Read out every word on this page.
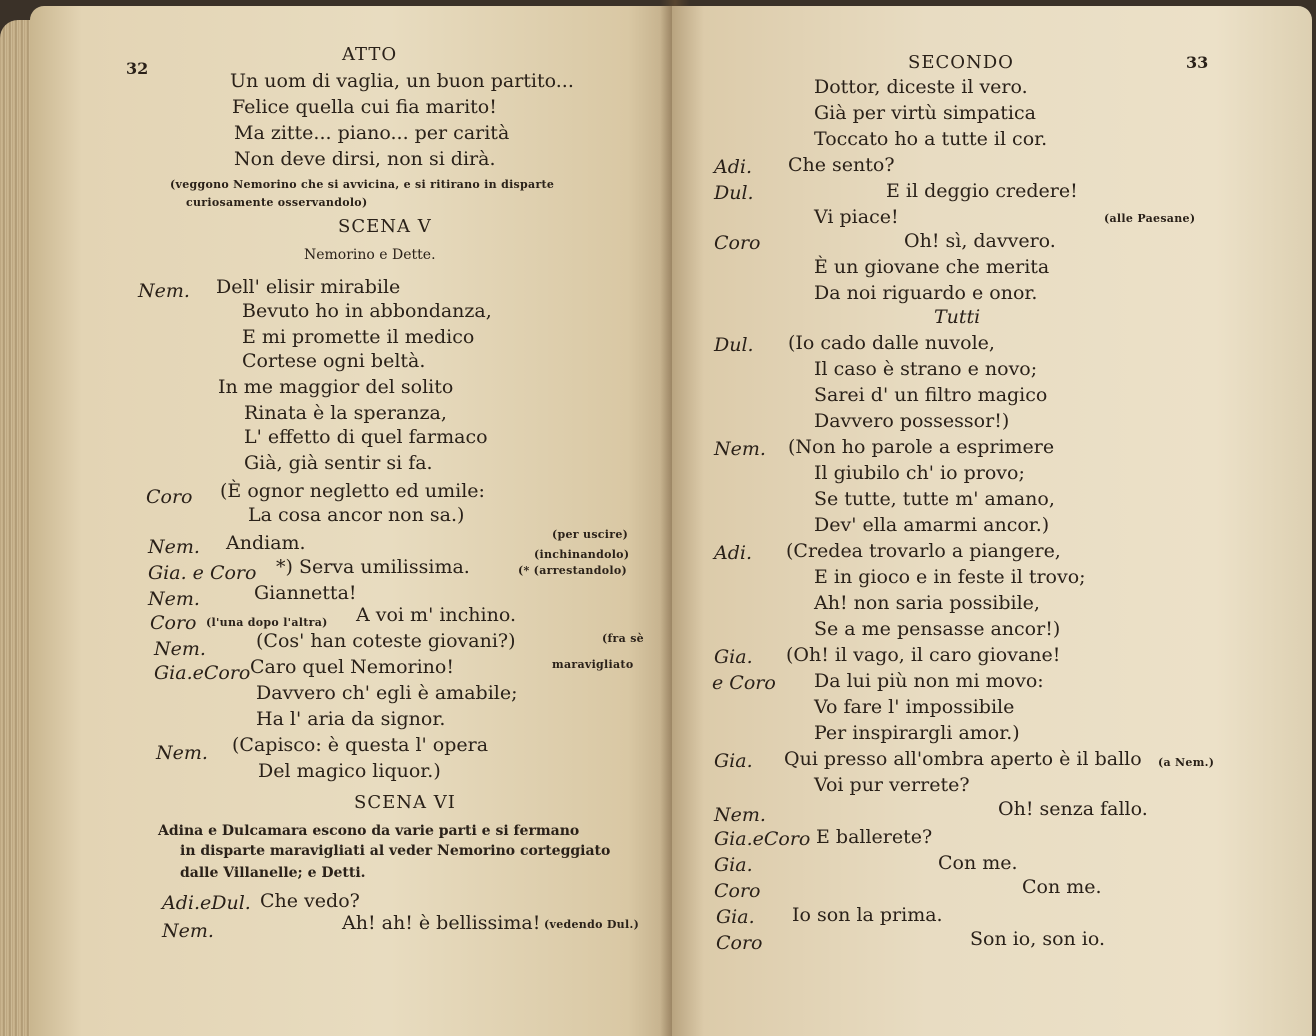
32
ATTO
Un uom di vaglia, un buon partito...
Felice quella cui fia marito!
Ma zitte... piano... per carità
Non deve dirsi, non si dirà.
(veggono Nemorino che si avvicina, e si ritirano in disparte
curiosamente osservandolo)
SCENA V
Nemorino e Dette.
Nem. Dell' elisir mirabile
Bevuto ho in abbondanza,
E mi promette il medico
Cortese ogni beltà.
In me maggior del solito
Rinata è la speranza,
L' effetto di quel farmaco
Già, già sentir si fa.
Coro (È ognor negletto ed umile:
La cosa ancor non sa.)
Nem. Andiam.	(per uscire)
Gia. e Coro *) Serva umilissima.
(inchinandolo)
(* (arrestandolo)
Nem.	Giannetta!
Coro (l'una dopo l'altra) A voi m' inchino.
Nem.	(Cos' han coteste giovani?)	(fra sè
Gia.eCoro Caro quel Nemorino!	maravigliato
Davvero ch' egli è amabile;
Ha l' aria da signor.
Nem. (Capisco: è questa l' opera
Del magico liquor.)
SCENA VI
Adina e Dulcamara escono da varie parti e si fermano
in disparte maravigliati al veder Nemorino corteggiato
dalle Villanelle; e Detti.
Adi.eDul. Che vedo?
Nem.	Ah! ah! è bellissima! (vedendo Dul.)
SECONDO	33
Dottor, diceste il vero.
Già per virtù simpatica
Toccato ho a tutte il cor.
Adi. Che sento?
Dul.	E il deggio credere!
Vi piace!	(alle Paesane)
Coro	Oh! sì, davvero.
È un giovane che merita
Da noi riguardo e onor.
Tutti
Dul. (Io cado dalle nuvole,
Il caso è strano e novo;
Sarei d' un filtro magico
Davvero possessor!)
Nem. (Non ho parole a esprimere
Il giubilo ch' io provo;
Se tutte, tutte m' amano,
Dev' ella amarmi ancor.)
Adi. (Credea trovarlo a piangere,
E in gioco e in feste il trovo;
Ah! non saria possibile,
Se a me pensasse ancor!)
Gia. (Oh! il vago, il caro giovane!
e Coro Da lui più non mi movo:
Vo fare l' impossibile
Per inspirargli amor.)
Gia. Qui presso all'ombra aperto è il ballo (a Nem.)
Voi pur verrete?
Nem.	Oh! senza fallo.
Gia.eCoro E ballerete?
Gia.	Con me.
Coro	Con me.
Gia. Io son la prima.
Coro	Son io, son io.
